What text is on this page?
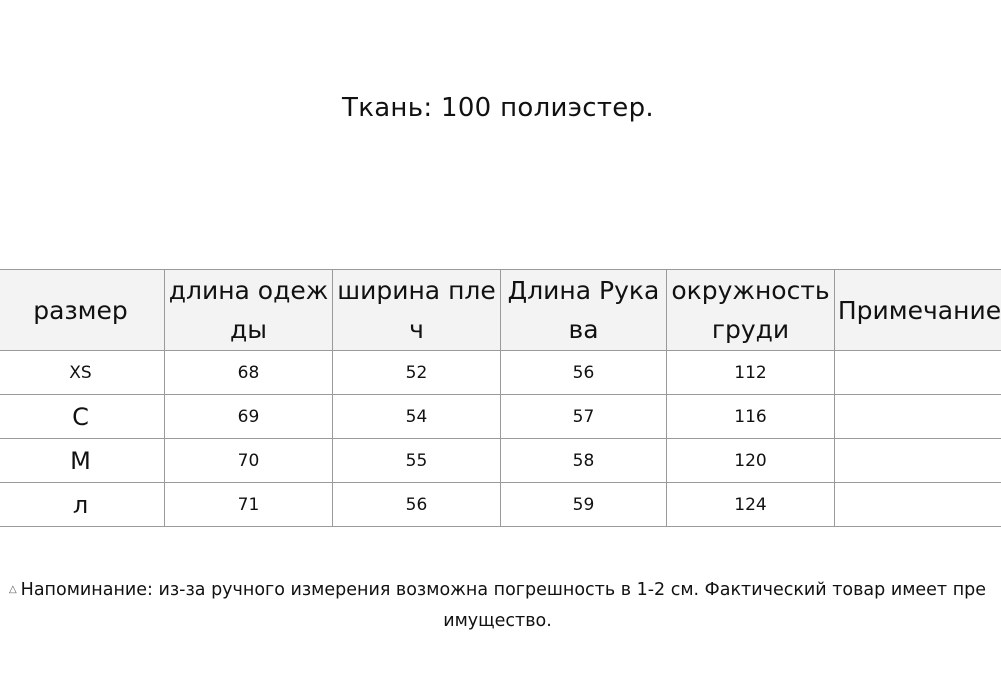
Ткань: 100 полиэстер.
размер	длина одежды	ширина плеч	Длина Рукава	окружность груди	Примечание
XS	68	52	56	112	
С	69	54	57	116	
М	70	55	58	120	
л	71	56	59	124	
△ Напоминание: из-за ручного измерения возможна погрешность в 1-2 см. Фактический товар имеет пре
имущество.
